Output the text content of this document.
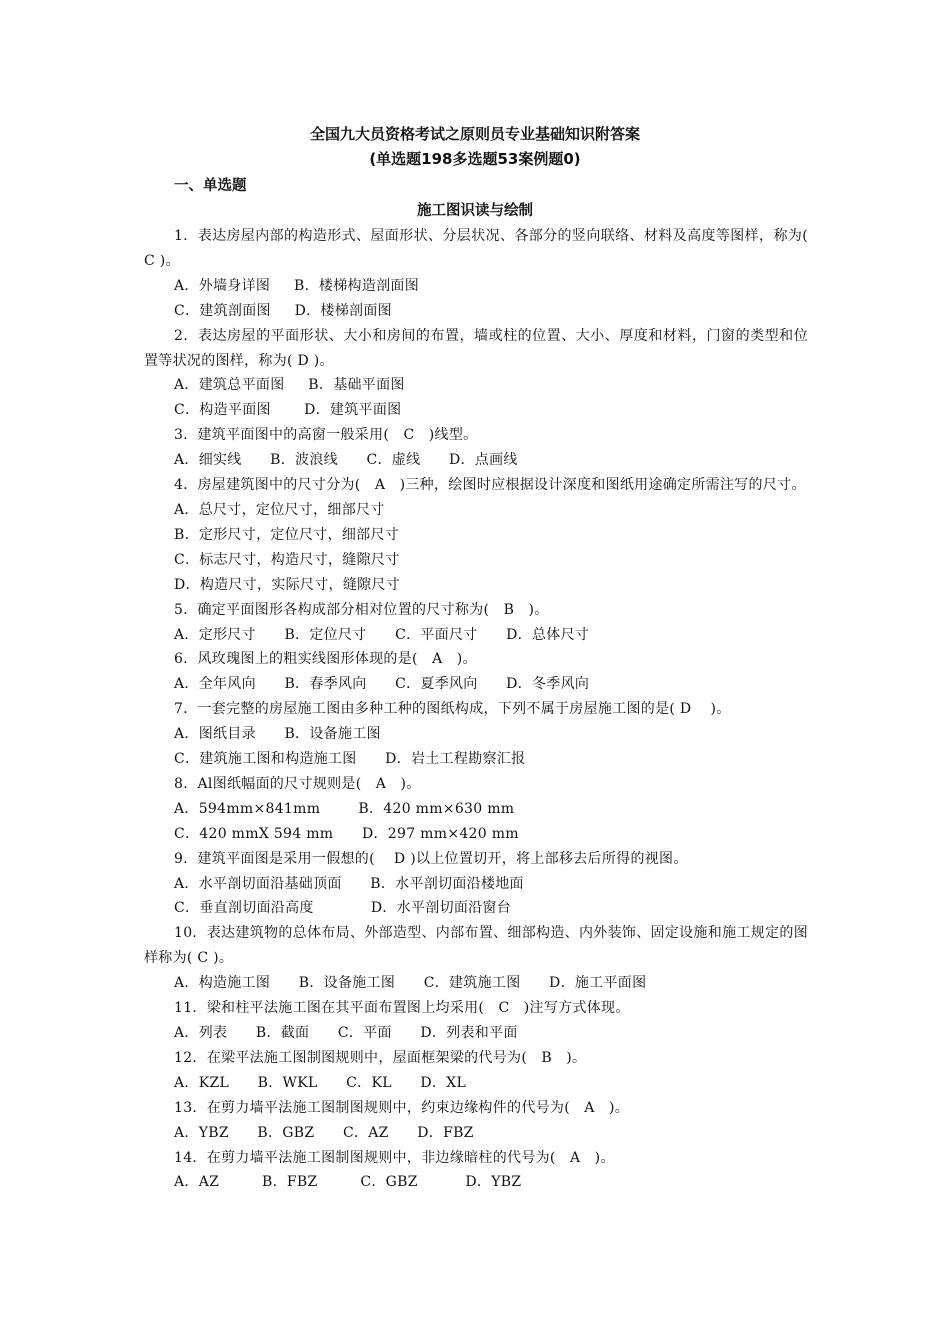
全国九大员资格考试之原则员专业基础知识附答案
(单选题198多选题53案例题0)
一、单选题
施工图识读与绘制

1．表达房屋内部的构造形式、屋面形状、分层状况、各部分的竖向联络、材料及高度等图样，称为( C )。

A．外墙身详图　  B．楼梯构造剖面图

C．建筑剖面图　  D．楼梯剖面图

2．表达房屋的平面形状、大小和房间的布置，墙或柱的位置、大小、厚度和材料，门窗的类型和位置等状况的图样，称为( D )。

A．建筑总平面图　  B．基础平面图

C．构造平面图　    D．建筑平面图

3．建筑平面图中的高窗一般采用(　C　)线型。

A．细实线　   B．波浪线　   C．虚线　   D．点画线

4．房屋建筑图中的尺寸分为(　A　)三种，绘图时应根据设计深度和图纸用途确定所需注写的尺寸。

A．总尺寸，定位尺寸，细部尺寸

B．定形尺寸，定位尺寸，细部尺寸

C．标志尺寸，构造尺寸，缝隙尺寸

D．构造尺寸，实际尺寸，缝隙尺寸

5．确定平面图形各构成部分相对位置的尺寸称为(　B　)。

A．定形尺寸　   B．定位尺寸　   C．平面尺寸　   D．总体尺寸

6．风玫瑰图上的粗实线图形体现的是(　A　)。

A．全年风向　   B．春季风向　   C．夏季风向　   D．冬季风向

7．一套完整的房屋施工图由多种工种的图纸构成，下列不属于房屋施工图的是( D　 )。

A．图纸目录　   B．设备施工图

C．建筑施工图和构造施工图　   D．岩土工程勘察汇报

8．Al图纸幅面的尺寸规则是(　A　)。

A．594mm×841mm　　  B．420 mm×630 mm

C．420 mmX 594 mm　　D．297 mm×420 mm

9．建筑平面图是采用一假想的(　 D )以上位置切开，将上部移去后所得的视图。

A．水平剖切面沿基础顶面　   B．水平剖切面沿楼地面

C．垂直剖切面沿高度　　　   D．水平剖切面沿窗台

10．表达建筑物的总体布局、外部造型、内部布置、细部构造、内外装饰、固定设施和施工规定的图样称为( C )。

A．构造施工图　   B．设备施工图　   C．建筑施工图　   D．施工平面图

11．梁和柱平法施工图在其平面布置图上均采用(　C　)注写方式体现。

A．列表　   B．截面　   C．平面　   D．列表和平面

12．在梁平法施工图制图规则中，屋面框架梁的代号为(　B　)。

A．KZL　   B．WKL　   C．KL　   D．XL

13．在剪力墙平法施工图制图规则中，约束边缘构件的代号为(　A　)。

A．YBZ　   B．GBZ　   C．AZ　   D．FBZ

14．在剪力墙平法施工图制图规则中，非边缘暗柱的代号为(　A　)。

A．AZ　　   B．FBZ　　   C．GBZ　　    D．YBZ
